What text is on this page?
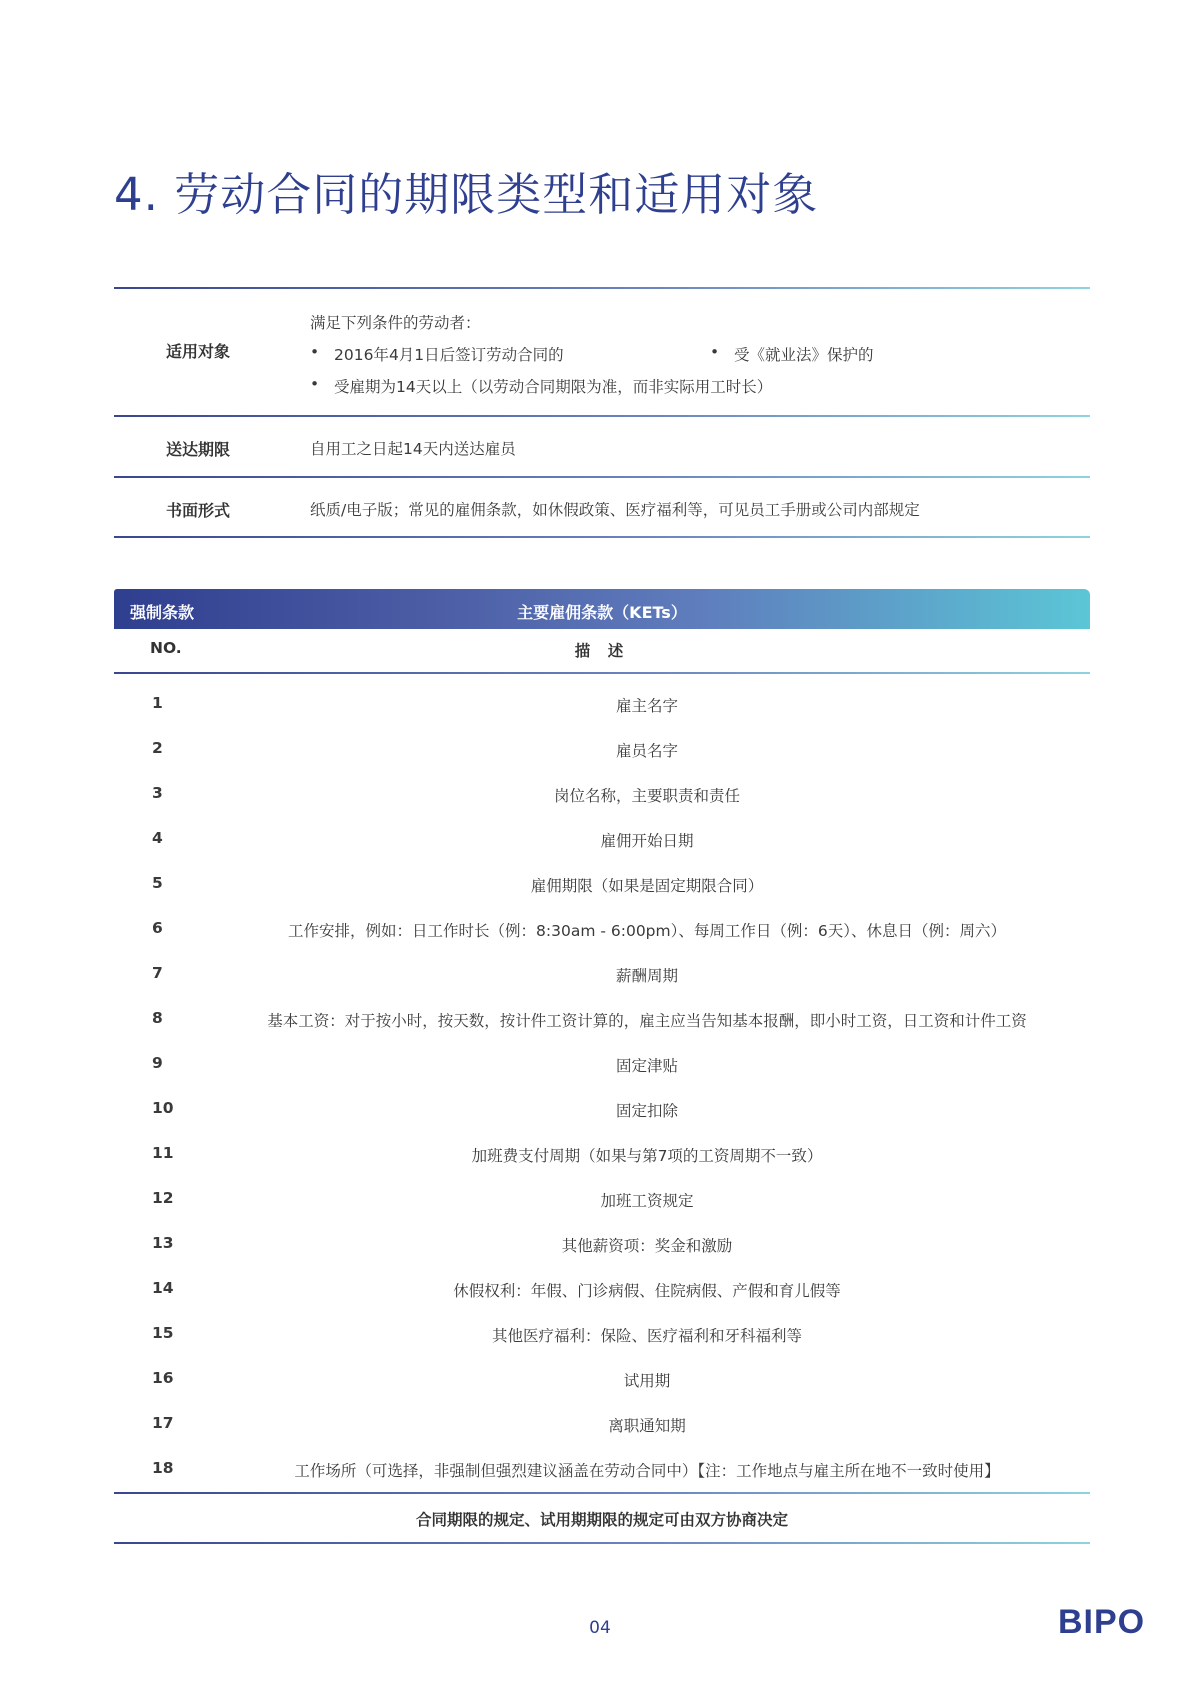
4. 劳动合同的期限类型和适用对象
适用对象
满足下列条件的劳动者：
• 2016年4月1日后签订劳动合同的
•	受《就业法》保护的
• 受雇期为14天以上（以劳动合同期限为准，而非实际用工时长）
送达期限	自用工之日起14天内送达雇员
书面形式	纸质/电子版；常见的雇佣条款，如休假政策、医疗福利等，可见员工手册或公司内部规定
强制条款	主要雇佣条款（KETs）
NO.	描 述
1	雇主名字
2	雇员名字
3	岗位名称，主要职责和责任
4	雇佣开始日期
5	雇佣期限（如果是固定期限合同）
6	工作安排，例如：日工作时长（例：8:30am - 6:00pm）、每周工作日（例：6天）、休息日（例：周六）
7	薪酬周期
8	基本工资：对于按小时，按天数，按计件工资计算的，雇主应当告知基本报酬，即小时工资，日工资和计件工资
9	固定津贴
10	固定扣除
11	加班费支付周期（如果与第7项的工资周期不一致）
12	加班工资规定
13	其他薪资项：奖金和激励
14	休假权利：年假、门诊病假、住院病假、产假和育儿假等
15	其他医疗福利：保险、医疗福利和牙科福利等
16	试用期
17	离职通知期
18	工作场所（可选择，非强制但强烈建议涵盖在劳动合同中）【注：工作地点与雇主所在地不一致时使用】
合同期限的规定、试用期期限的规定可由双方协商决定
04	BIPO
